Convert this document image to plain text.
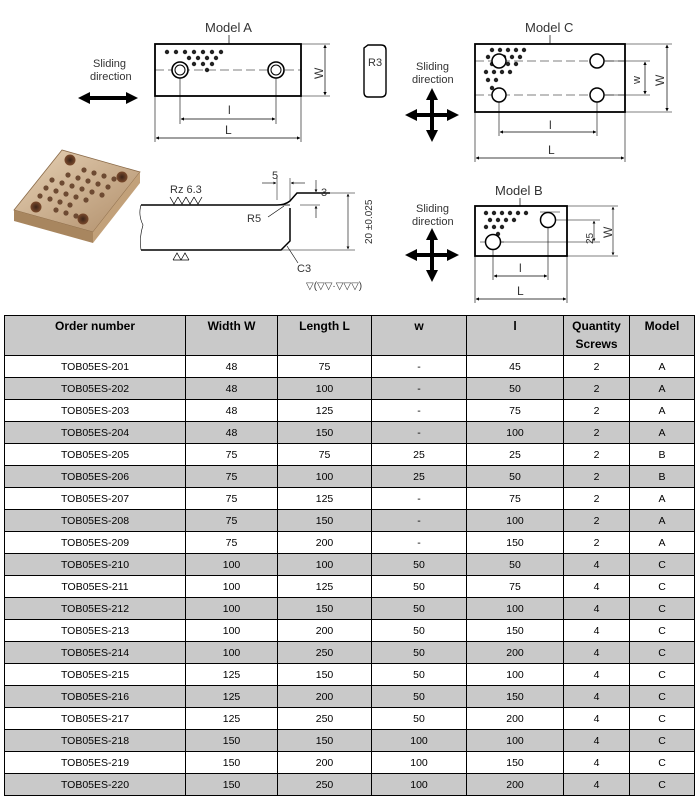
Model A
W
l
L
Sliding
direction
R3
Model C
w W
l
L
Sliding
direction
Rz 6.3
5
3
R5	20 ±0.025
C3
▽(▽▽·▽▽▽)
Model B
25
W
l
L
Sliding
direction
Order number	Width W	Length L	w	l	Quantity Screws	Model
TOB05ES-201	48	75	-	45	2	A
TOB05ES-202	48	100	-	50	2	A
TOB05ES-203	48	125	-	75	2	A
TOB05ES-204	48	150	-	100	2	A
TOB05ES-205	75	75	25	25	2	B
TOB05ES-206	75	100	25	50	2	B
TOB05ES-207	75	125	-	75	2	A
TOB05ES-208	75	150	-	100	2	A
TOB05ES-209	75	200	-	150	2	A
TOB05ES-210	100	100	50	50	4	C
TOB05ES-211	100	125	50	75	4	C
TOB05ES-212	100	150	50	100	4	C
TOB05ES-213	100	200	50	150	4	C
TOB05ES-214	100	250	50	200	4	C
TOB05ES-215	125	150	50	100	4	C
TOB05ES-216	125	200	50	150	4	C
TOB05ES-217	125	250	50	200	4	C
TOB05ES-218	150	150	100	100	4	C
TOB05ES-219	150	200	100	150	4	C
TOB05ES-220	150	250	100	200	4	C
